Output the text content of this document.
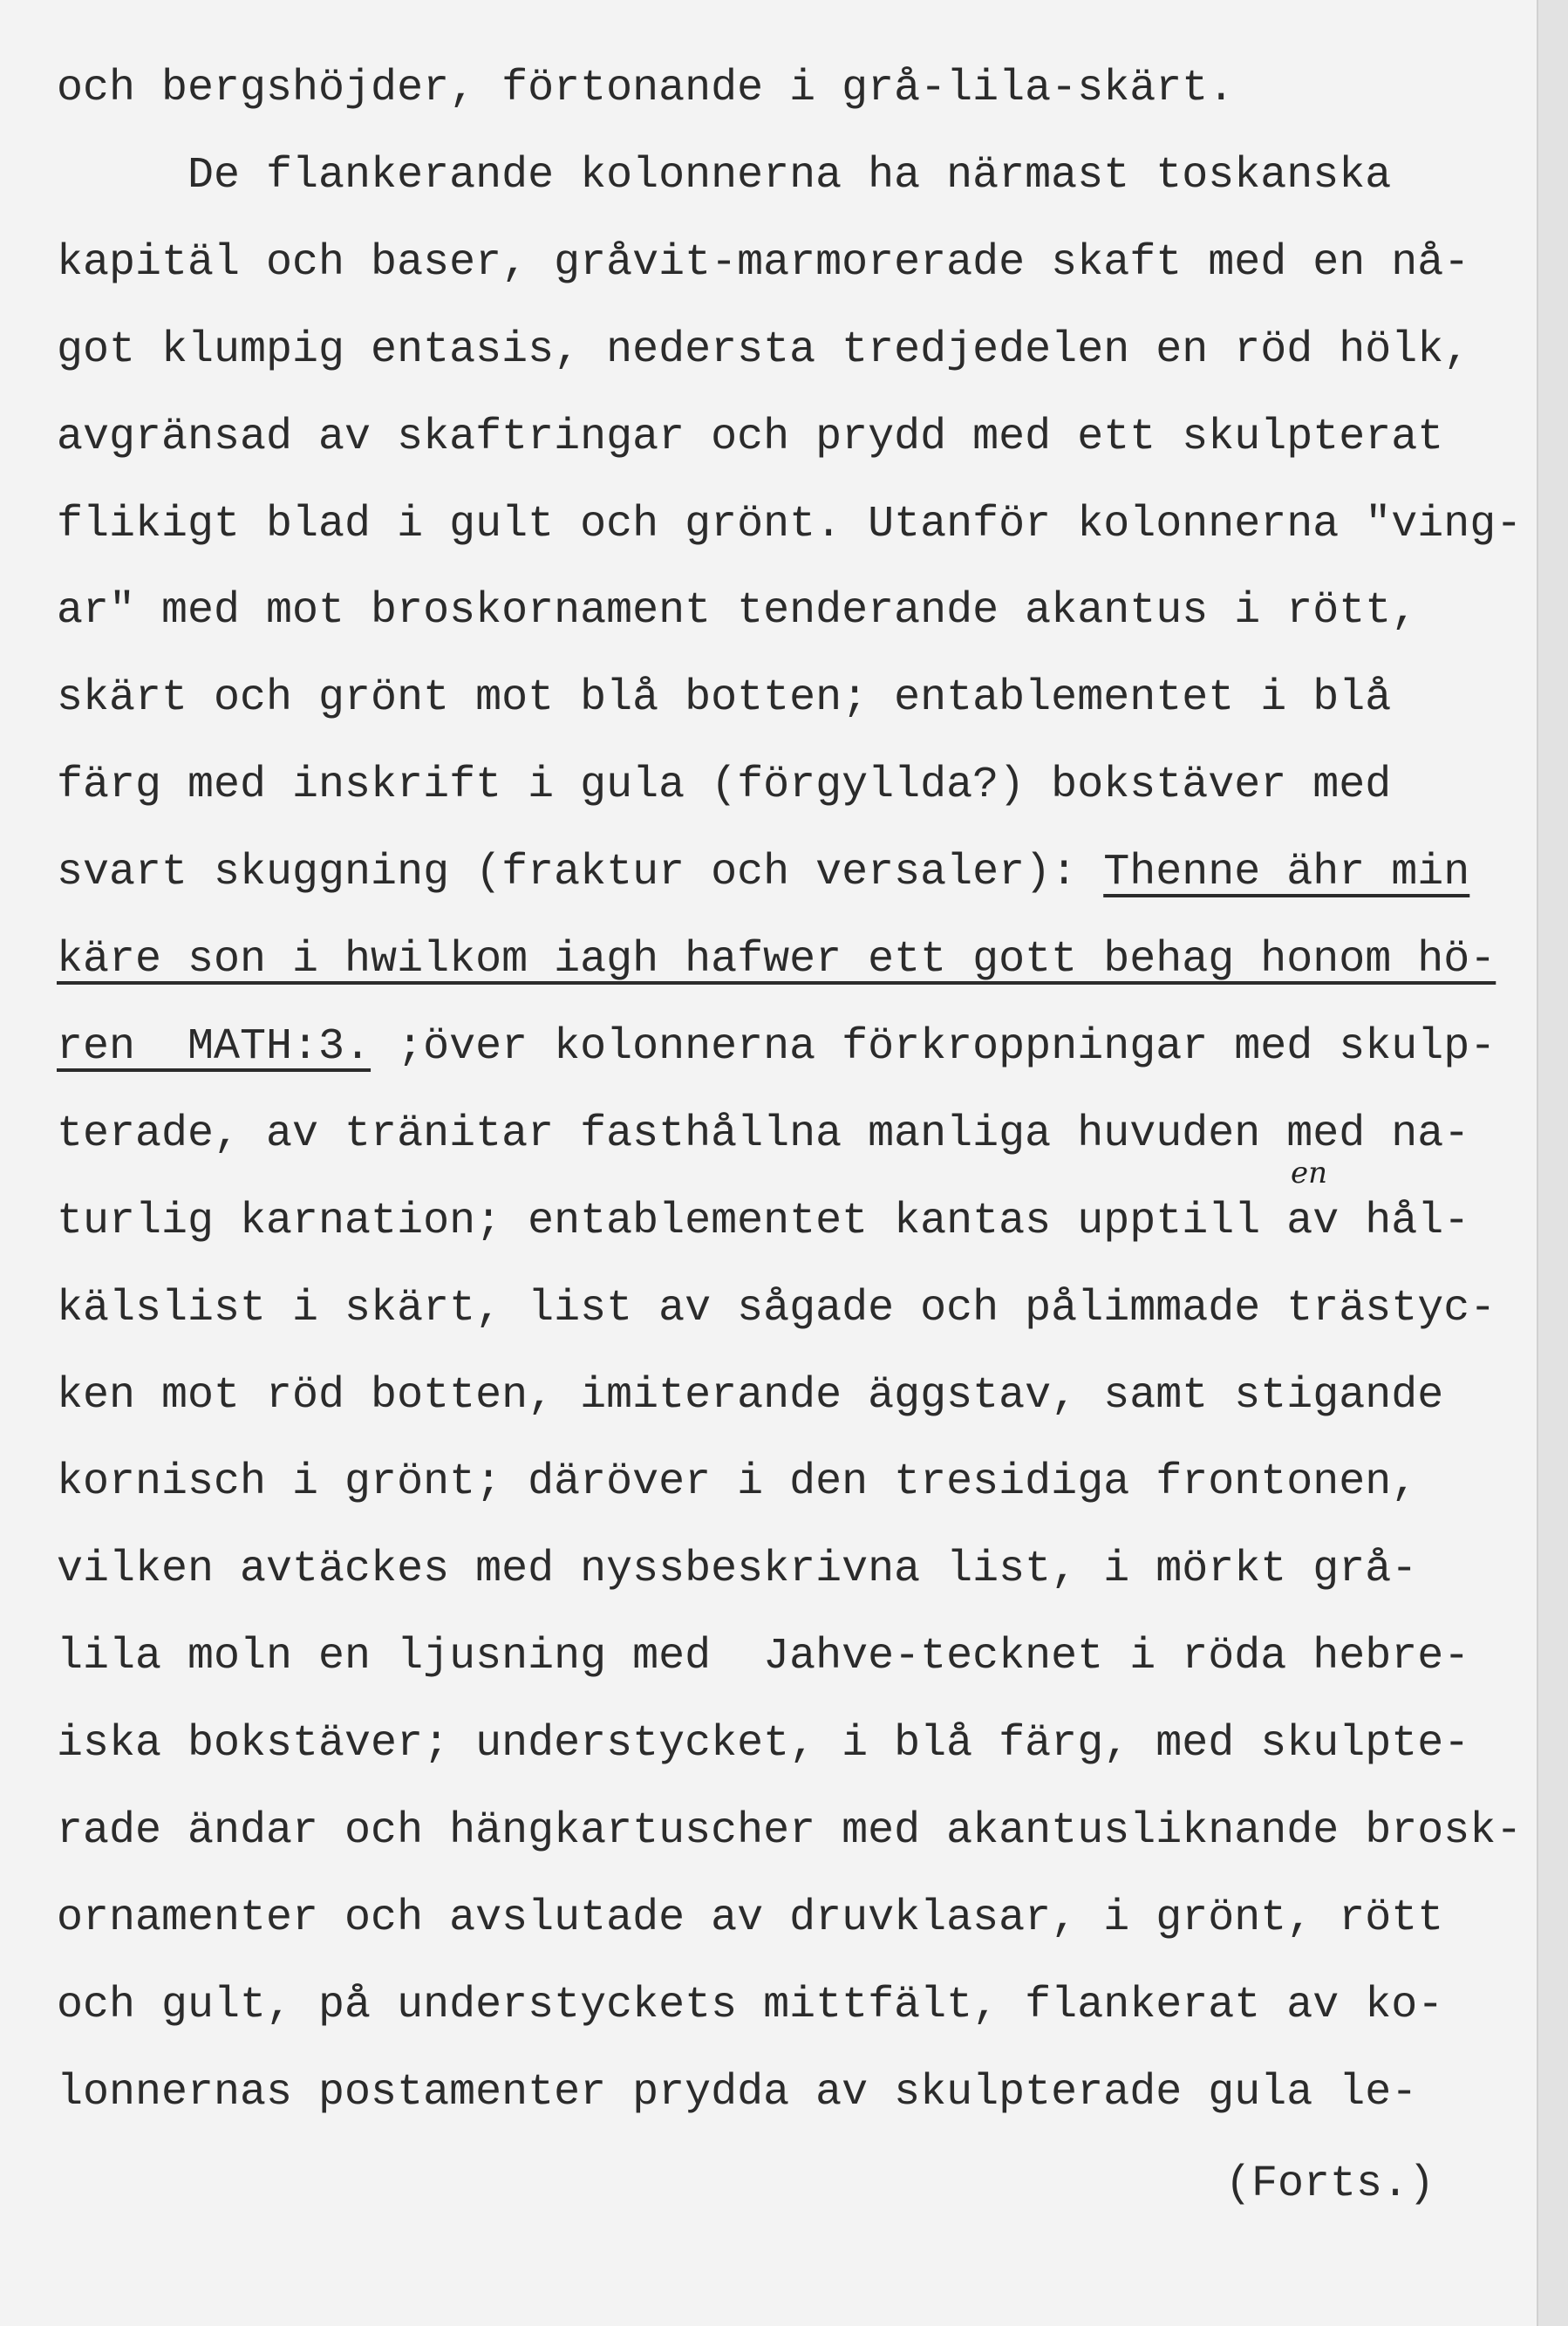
och bergshöjder, förtonande i grå-lila-skärt.
De flankerande kolonnerna ha närmast toskanska
kapitäl och baser, gråvit-marmorerade skaft med en nå-
got klumpig entasis, nedersta tredjedelen en röd hölk,
avgränsad av skaftringar och prydd med ett skulpterat
flikigt blad i gult och grönt. Utanför kolonnerna "ving-
ar" med mot broskornament tenderande akantus i rött,
skärt och grönt mot blå botten; entablementet i blå
färg med inskrift i gula (förgyllda?) bokstäver med
svart skuggning (fraktur och versaler): Thenne ähr min
käre son i hwilkom iagh hafwer ett gott behag honom hö-
ren  MATH:3. ;över kolonnerna förkroppningar med skulp-
terade, av tränitar fasthållna manliga huvuden med na-
turlig karnation; entablementet kantas upptill av hål-
kälslist i skärt, list av sågade och pålimmade trästyc-
ken mot röd botten, imiterande äggstav, samt stigande
kornisch i grönt; däröver i den tresidiga frontonen,
vilken avtäckes med nyssbeskrivna list, i mörkt grå-
lila moln en ljusning med  Jahve-tecknet i röda hebre-
iska bokstäver; understycket, i blå färg, med skulpte-
rade ändar och hängkartuscher med akantusliknande brosk-
ornamenter och avslutade av druvklasar, i grönt, rött
och gult, på understyckets mittfält, flankerat av ko-
lonnernas postamenter prydda av skulpterade gula le-
en
(Forts.)
